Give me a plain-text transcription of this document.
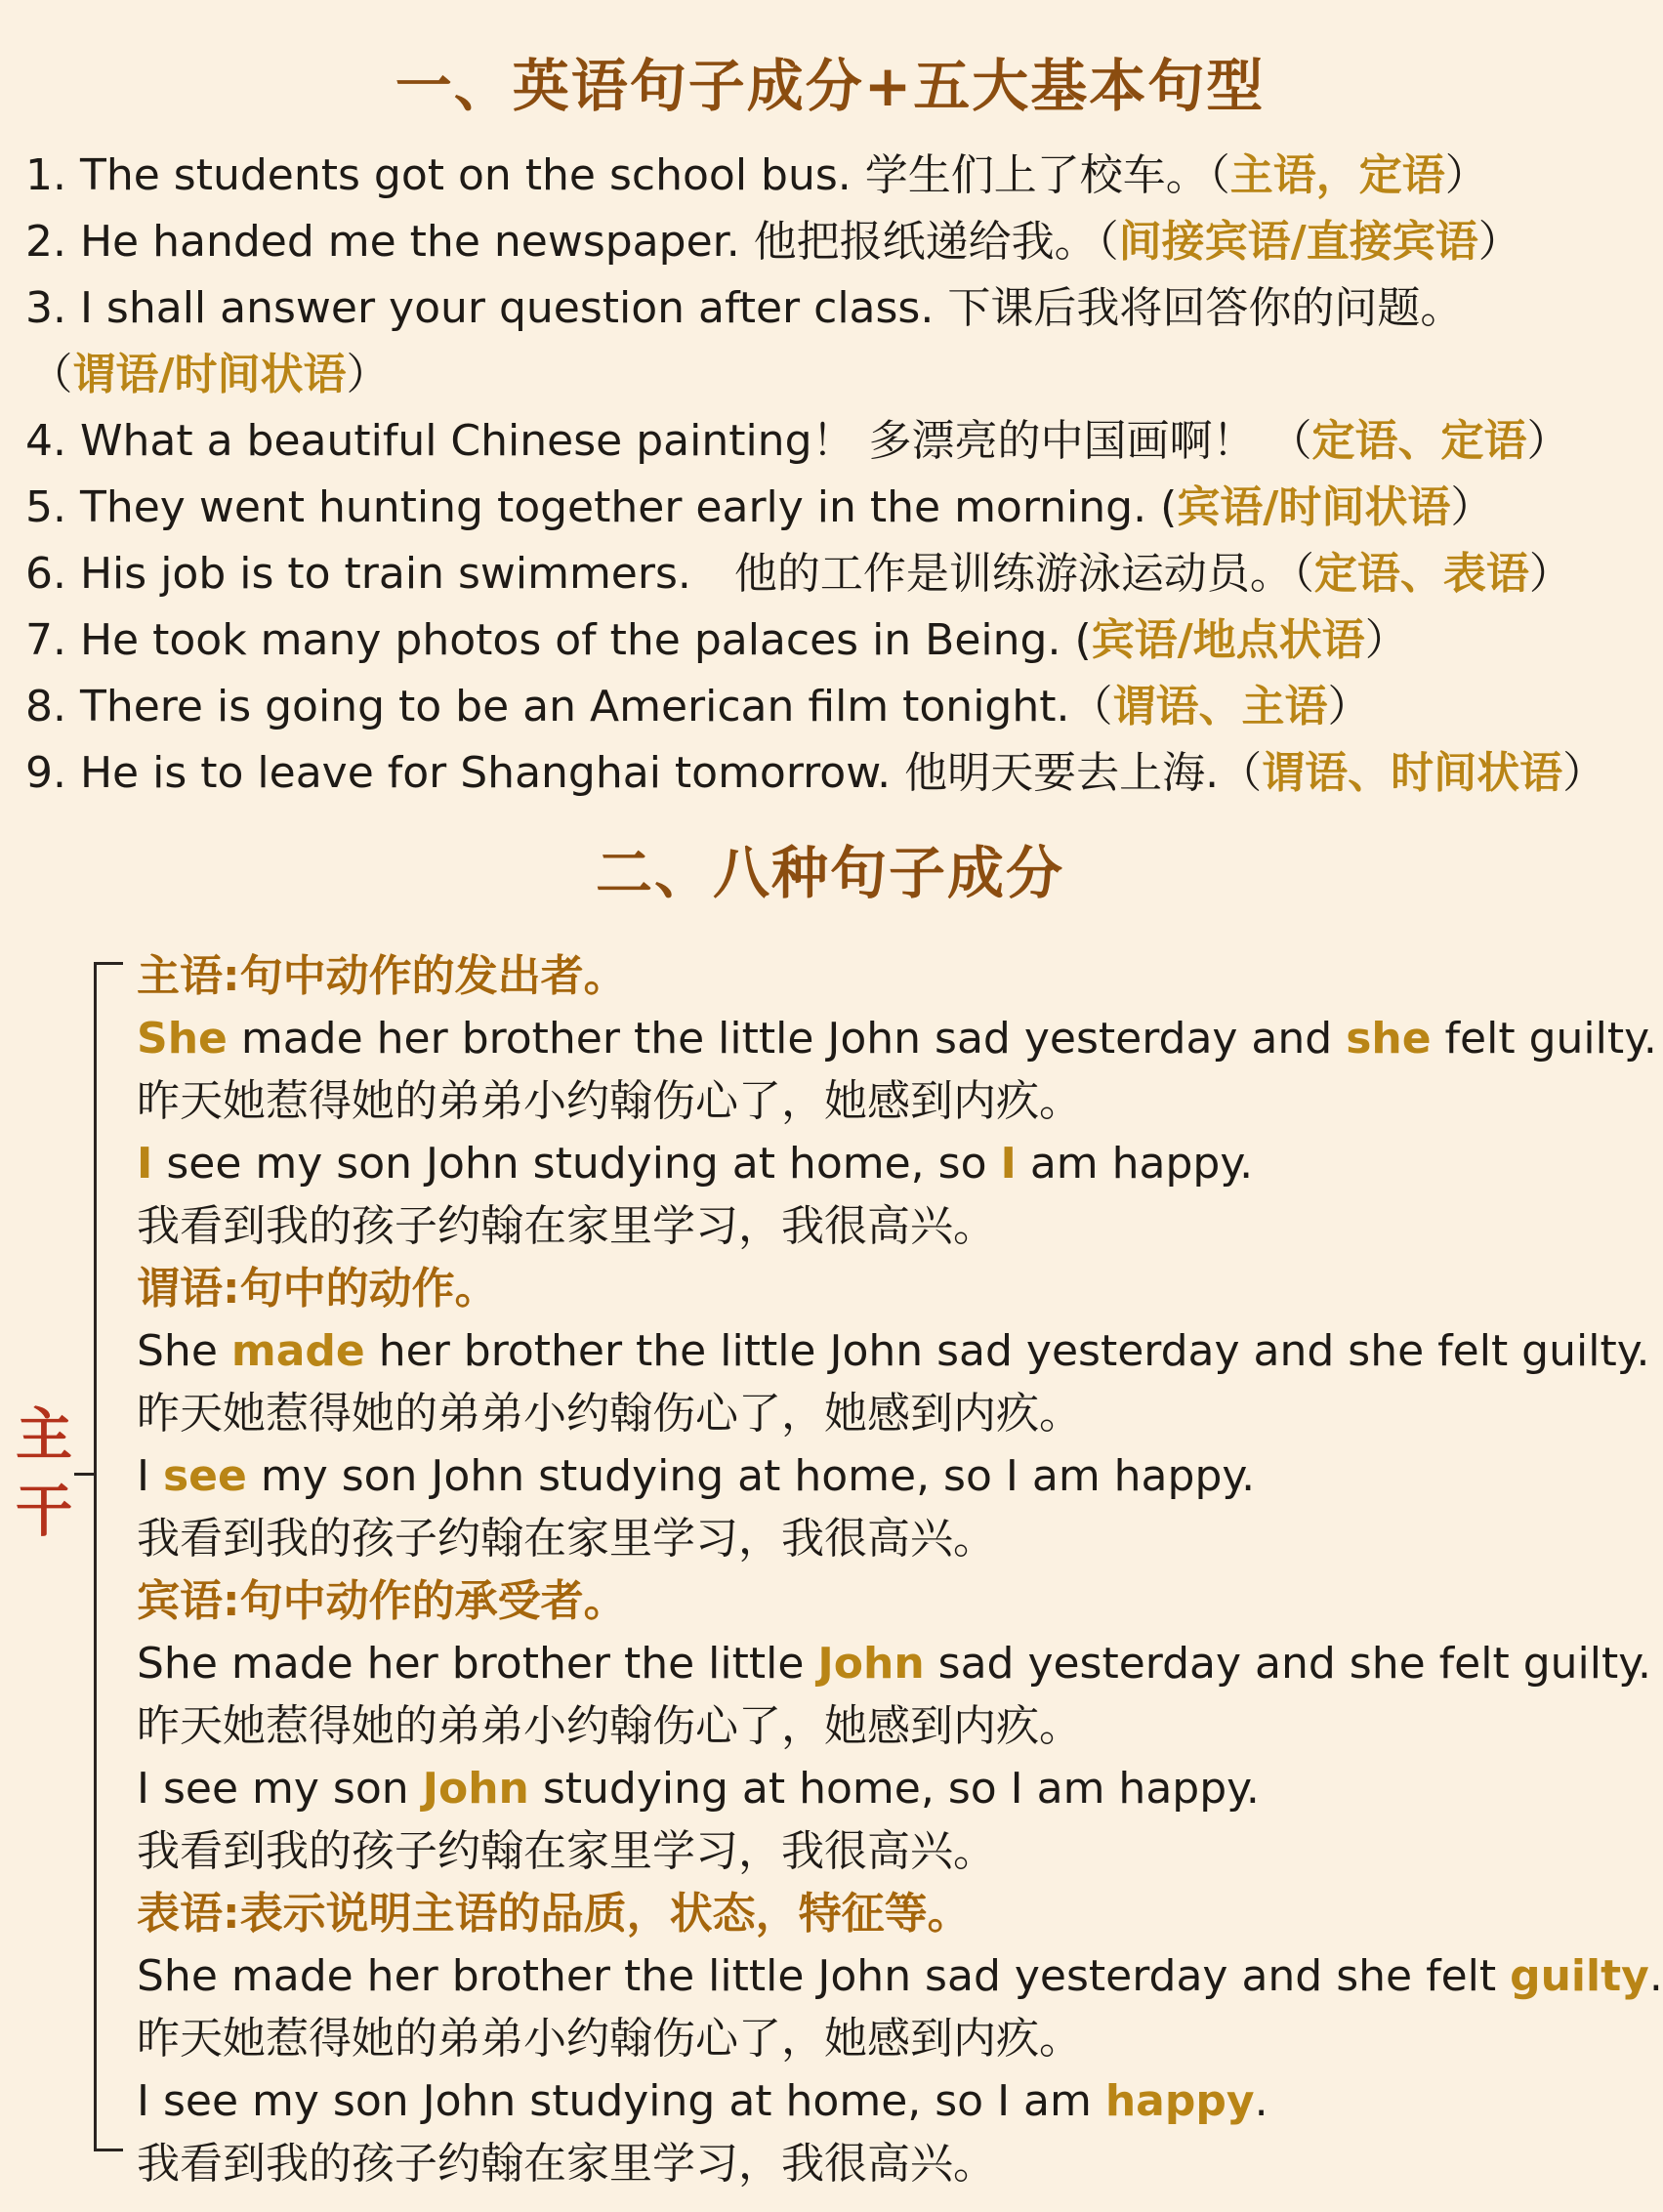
一、英语句子成分+五大基本句型
1. The students got on the school bus. 学生们上了校车。（主语，定语）
2. He handed me the newspaper. 他把报纸递给我。（间接宾语/直接宾语）
3. I shall answer your question after class. 下课后我将回答你的问题。
 （谓语/时间状语）
4. What a beautiful Chinese painting！ 多漂亮的中国画啊！ （定语、定语）
5. They went hunting together early in the morning. (宾语/时间状语）
6. His job is to train swimmers.　他的工作是训练游泳运动员。（定语、表语）
7. He took many photos of the palaces in Being. (宾语/地点状语）
8. There is going to be an American film tonight.（谓语、主语）
9. He is to leave for Shanghai tomorrow. 他明天要去上海.（谓语、时间状语）
二、八种句子成分
主
干
主语:句中动作的发出者。
She made her brother the little John sad yesterday and she felt guilty.
昨天她惹得她的弟弟小约翰伤心了，她感到内疚。
I see my son John studying at home, so I am happy.
我看到我的孩子约翰在家里学习，我很高兴。
谓语:句中的动作。
She made her brother the little John sad yesterday and she felt guilty.
昨天她惹得她的弟弟小约翰伤心了，她感到内疚。
I see my son John studying at home, so I am happy.
我看到我的孩子约翰在家里学习，我很高兴。
宾语:句中动作的承受者。
She made her brother the little John sad yesterday and she felt guilty.
昨天她惹得她的弟弟小约翰伤心了，她感到内疚。
I see my son John studying at home, so I am happy.
我看到我的孩子约翰在家里学习，我很高兴。
表语:表示说明主语的品质，状态，特征等。
She made her brother the little John sad yesterday and she felt guilty.
昨天她惹得她的弟弟小约翰伤心了，她感到内疚。
I see my son John studying at home, so I am happy.
我看到我的孩子约翰在家里学习，我很高兴。
